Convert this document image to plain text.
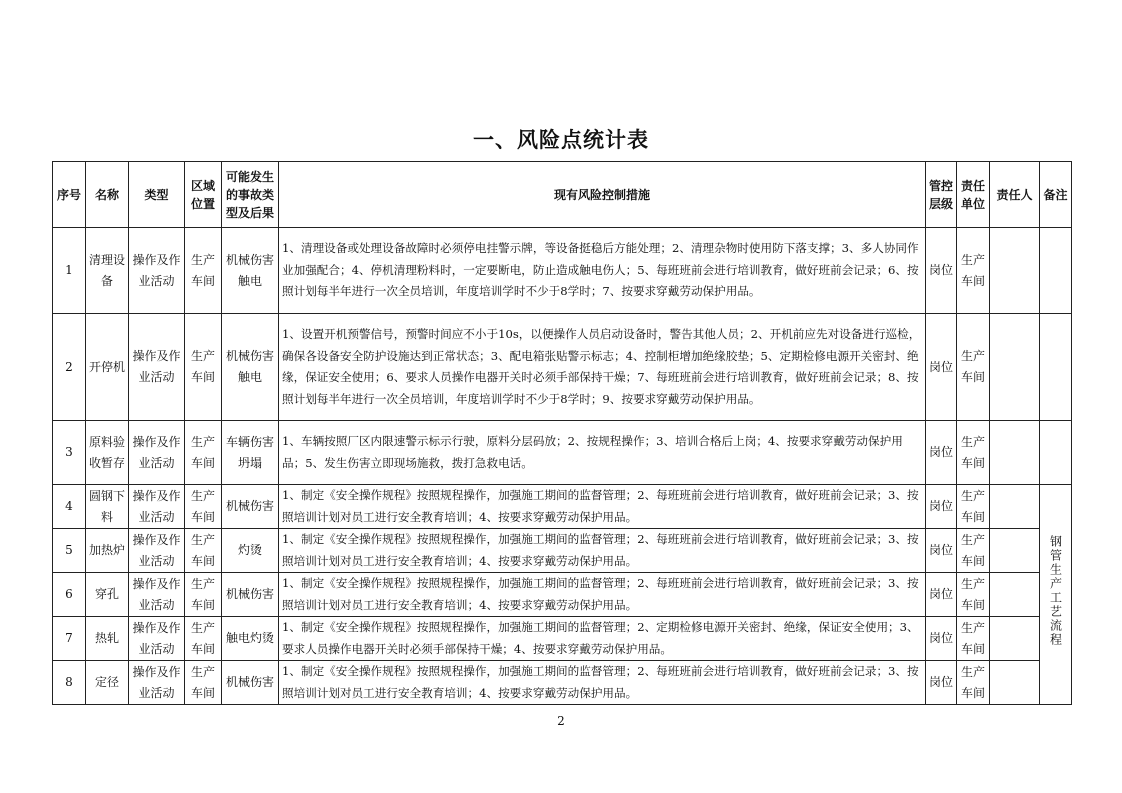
一、风险点统计表
序号	名称	类型	区域位置	可能发生的事故类型及后果	现有风险控制措施	管控层级	责任单位	责任人	备注
1	清理设备	操作及作业活动	生产车间	机械伤害触电	1、清理设备或处理设备故障时必须停电挂警示牌，等设备挺稳后方能处理；2、清理杂物时使用防下落支撑；3、多人协同作业加强配合；4、停机清理粉料时，一定要断电，防止造成触电伤人；5、每班班前会进行培训教育，做好班前会记录；6、按照计划每半年进行一次全员培训，年度培训学时不少于8学时；7、按要求穿戴劳动保护用品。	岗位	生产车间		
2	开停机	操作及作业活动	生产车间	机械伤害触电	1、设置开机预警信号，预警时间应不小于10s，以便操作人员启动设备时，警告其他人员；2、开机前应先对设备进行巡检，确保各设备安全防护设施达到正常状态；3、配电箱张贴警示标志；4、控制柜增加绝缘胶垫；5、定期检修电源开关密封、绝缘，保证安全使用；6、要求人员操作电器开关时必须手部保持干燥；7、每班班前会进行培训教育，做好班前会记录；8、按照计划每半年进行一次全员培训，年度培训学时不少于8学时；9、按要求穿戴劳动保护用品。	岗位	生产车间		
3	原料验收暂存	操作及作业活动	生产车间	车辆伤害坍塌	1、车辆按照厂区内限速警示标示行驶，原料分层码放；2、按规程操作；3、培训合格后上岗；4、按要求穿戴劳动保护用品；5、发生伤害立即现场施救，拨打急救电话。	岗位	生产车间		
4	圆钢下料	操作及作业活动	生产车间	机械伤害	1、制定《安全操作规程》按照规程操作，加强施工期间的监督管理；2、每班班前会进行培训教育，做好班前会记录；3、按照培训计划对员工进行安全教育培训；4、按要求穿戴劳动保护用品。	岗位	生产车间		钢管生产工艺流程
5	加热炉	操作及作业活动	生产车间	灼烫	1、制定《安全操作规程》按照规程操作，加强施工期间的监督管理；2、每班班前会进行培训教育，做好班前会记录；3、按照培训计划对员工进行安全教育培训；4、按要求穿戴劳动保护用品。	岗位	生产车间		
6	穿孔	操作及作业活动	生产车间	机械伤害	1、制定《安全操作规程》按照规程操作，加强施工期间的监督管理；2、每班班前会进行培训教育，做好班前会记录；3、按照培训计划对员工进行安全教育培训；4、按要求穿戴劳动保护用品。	岗位	生产车间		
7	热轧	操作及作业活动	生产车间	触电灼烫	1、制定《安全操作规程》按照规程操作，加强施工期间的监督管理；2、定期检修电源开关密封、绝缘，保证安全使用；3、要求人员操作电器开关时必须手部保持干燥；4、按要求穿戴劳动保护用品。	岗位	生产车间		
8	定径	操作及作业活动	生产车间	机械伤害	1、制定《安全操作规程》按照规程操作，加强施工期间的监督管理；2、每班班前会进行培训教育，做好班前会记录；3、按照培训计划对员工进行安全教育培训；4、按要求穿戴劳动保护用品。	岗位	生产车间		
2
